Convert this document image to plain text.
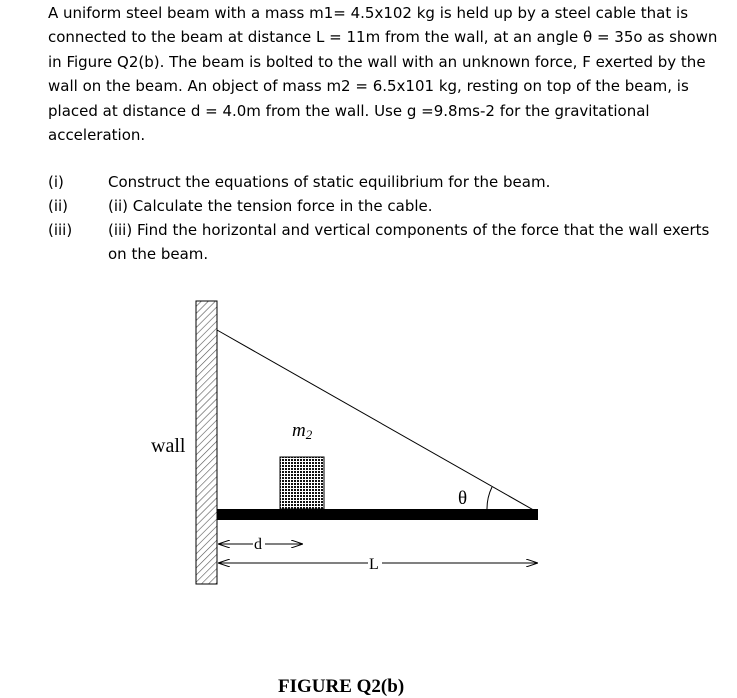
A uniform steel beam with a mass m1= 4.5x102 kg is held up by a steel cable that is
connected to the beam at distance L = 11m from the wall, at an angle θ = 35o as shown
in Figure Q2(b). The beam is bolted to the wall with an unknown force, F exerted by the
wall on the beam. An object of mass m2 = 6.5x101 kg, resting on top of the beam, is
placed at distance d = 4.0m from the wall. Use g =9.8ms-2 for the gravitational
acceleration.
(i)	Construct the equations of static equilibrium for the beam.
(ii)	(ii) Calculate the tension force in the cable.
(iii)	(iii) Find the horizontal and vertical components of the force that the wall exerts
on the beam.
wall
m2
θ
d
L
FIGURE Q2(b)
